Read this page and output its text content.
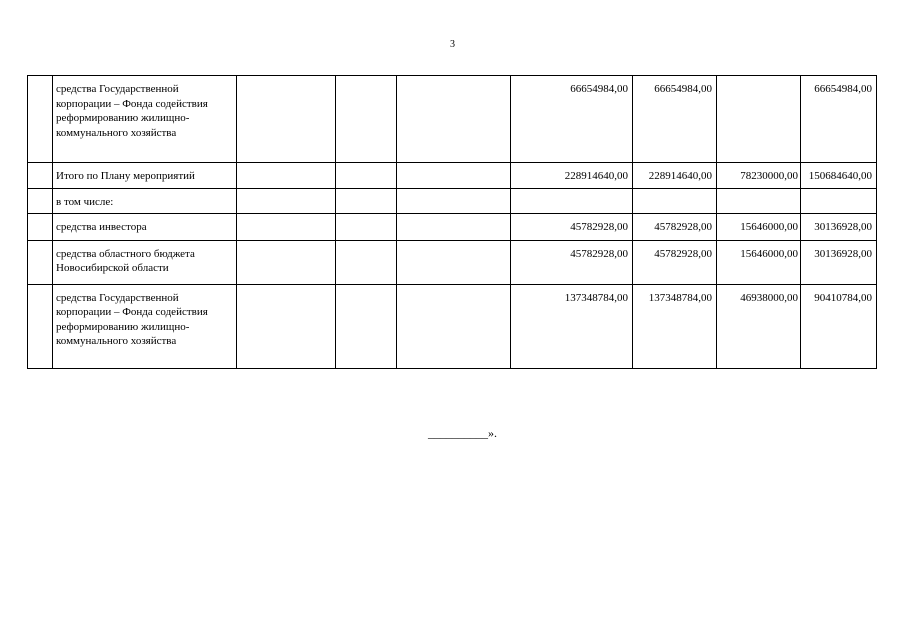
3
	средства Государственной корпорации – Фонда содействия реформированию жилищно-коммунального хозяйства				66654984,00	66654984,00		66654984,00
	Итого по Плану мероприятий				228914640,00	228914640,00	78230000,00	150684640,00
	в том числе:							
	средства инвестора				45782928,00	45782928,00	15646000,00	30136928,00
	средства областного бюджета Новосибирской области				45782928,00	45782928,00	15646000,00	30136928,00
	средства Государственной корпорации – Фонда содействия реформированию жилищно-коммунального хозяйства				137348784,00	137348784,00	46938000,00	90410784,00
__________».
